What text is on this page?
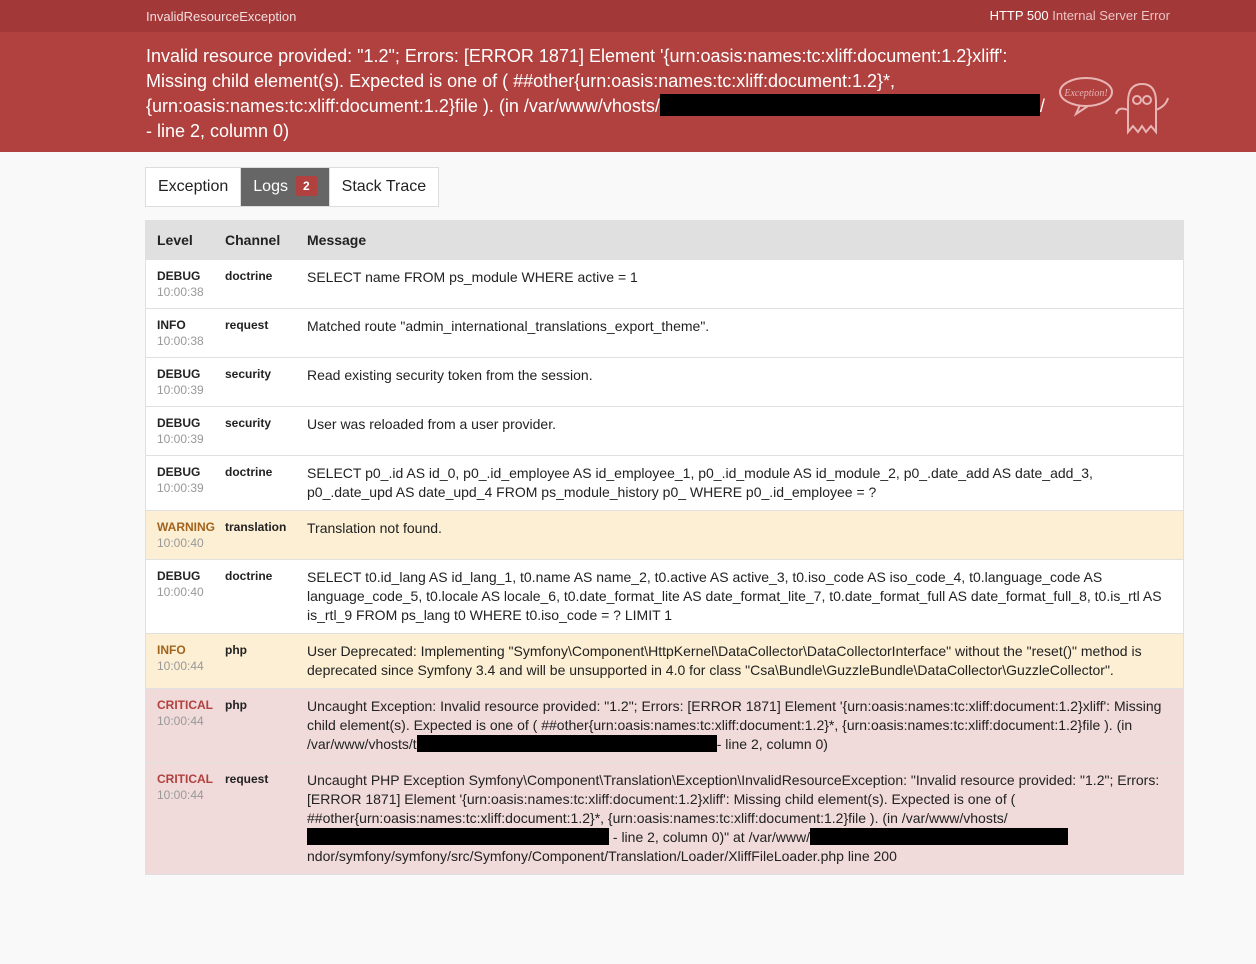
InvalidResourceException	HTTP 500 Internal Server Error
Invalid resource provided: "1.2"; Errors: [ERROR 1871] Element '{urn:oasis:names:tc:xliff:document:1.2}xliff':
Missing child element(s). Expected is one of ( ##other{urn:oasis:names:tc:xliff:document:1.2}*,
{urn:oasis:names:tc:xliff:document:1.2}file ). (in /var/www/vhosts/	/
- line 2, column 0)
Exception!
Exception	Logs 2	Stack Trace
Level	Channel	Message
DEBUG
10:00:38
doctrine	SELECT name FROM ps_module WHERE active = 1
INFO
10:00:38
request	Matched route "admin_international_translations_export_theme".
DEBUG
10:00:39
security	Read existing security token from the session.
DEBUG
10:00:39
security	User was reloaded from a user provider.
DEBUG
10:00:39
doctrine	SELECT p0_.id AS id_0, p0_.id_employee AS id_employee_1, p0_.id_module AS id_module_2, p0_.date_add AS date_add_3, p0_.date_upd AS date_upd_4 FROM ps_module_history p0_ WHERE p0_.id_employee = ?
WARNING
10:00:40
translation	Translation not found.
DEBUG
10:00:40
doctrine	SELECT t0.id_lang AS id_lang_1, t0.name AS name_2, t0.active AS active_3, t0.iso_code AS iso_code_4, t0.language_code AS language_code_5, t0.locale AS locale_6, t0.date_format_lite AS date_format_lite_7, t0.date_format_full AS date_format_full_8, t0.is_rtl AS is_rtl_9 FROM ps_lang t0 WHERE t0.iso_code = ? LIMIT 1
INFO
10:00:44
php	User Deprecated: Implementing "Symfony\Component\HttpKernel\DataCollector\DataCollectorInterface" without the "reset()" method is deprecated since Symfony 3.4 and will be unsupported in 4.0 for class "Csa\Bundle\GuzzleBundle\DataCollector\GuzzleCollector".
CRITICAL
10:00:44
php	Uncaught Exception: Invalid resource provided: "1.2"; Errors: [ERROR 1871] Element '{urn:oasis:names:tc:xliff:document:1.2}xliff': Missing child element(s). Expected is one of ( ##other{urn:oasis:names:tc:xliff:document:1.2}*, {urn:oasis:names:tc:xliff:document:1.2}file ). (in /var/www/vhosts/t	- line 2, column 0)
CRITICAL
10:00:44
request	Uncaught PHP Exception Symfony\Component\Translation\Exception\InvalidResourceException: "Invalid resource provided: "1.2"; Errors: [ERROR 1871] Element '{urn:oasis:names:tc:xliff:document:1.2}xliff': Missing child element(s). Expected is one of ( ##other{urn:oasis:names:tc:xliff:document:1.2}*, {urn:oasis:names:tc:xliff:document:1.2}file ). (in /var/www/vhosts/ - line 2, column 0)" at /var/www/ndor/symfony/symfony/src/Symfony/Component/Translation/Loader/XliffFileLoader.php line 200
